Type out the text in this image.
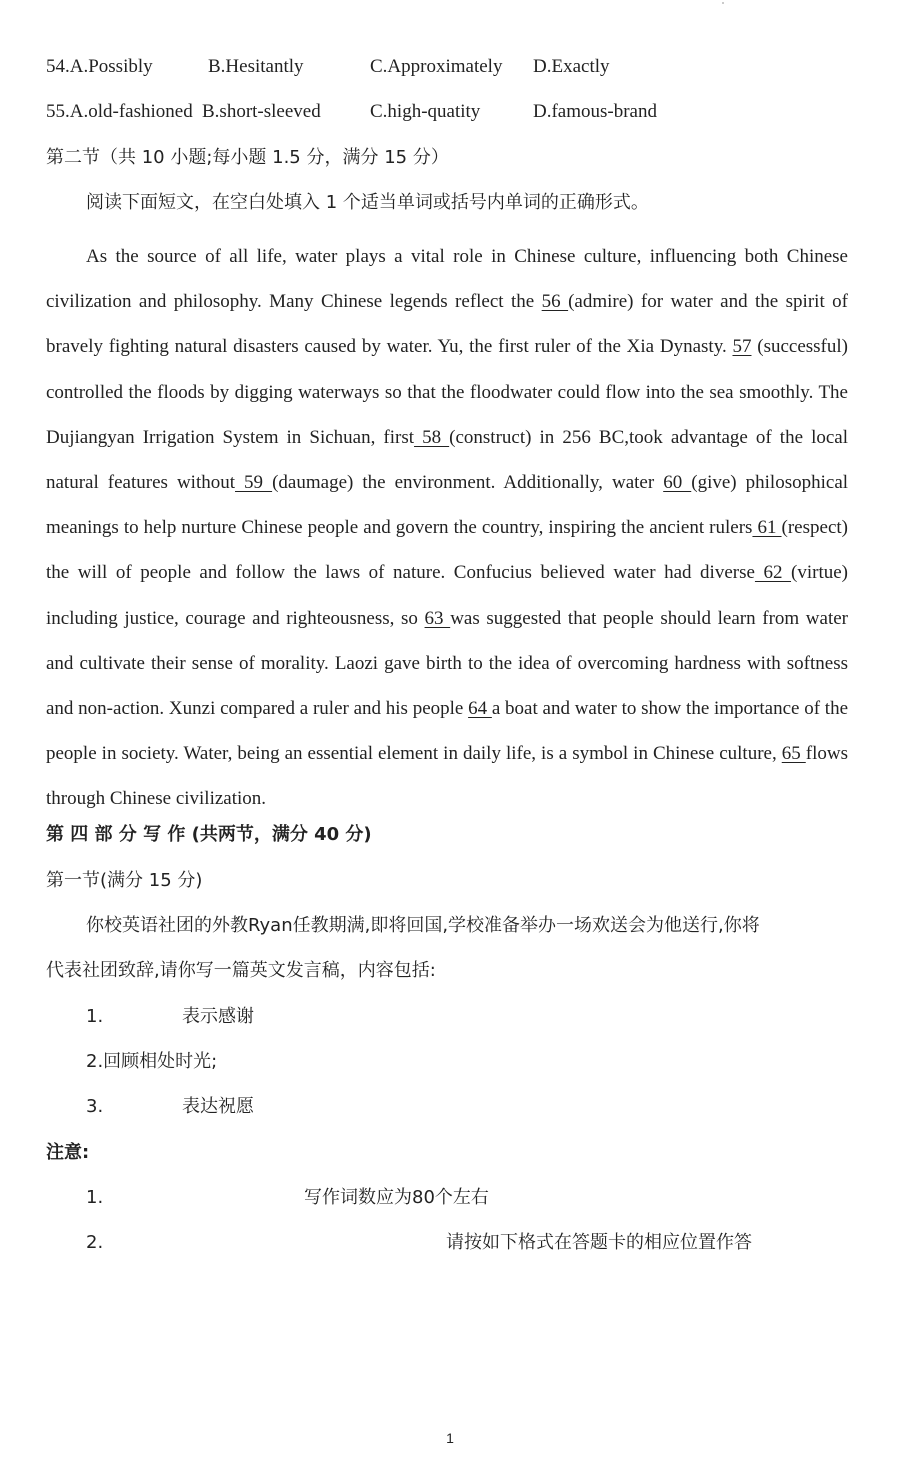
54.A.Possibly	B.Hesitantly	C.Approximately D.Exactly
55.A.old-fashioned B.short-sleeved	C.high-quatity	D.famous-brand
第二节（共 10 小题;每小题 1.5 分，满分 15 分）
阅读下面短文，在空白处填入 1 个适当单词或括号内单词的正确形式。
As the source of all life, water plays a vital role in Chinese culture, influencing both Chinese civilization and philosophy. Many Chinese legends reflect the 56 (admire) for water and the spirit of bravely fighting natural disasters caused by water. Yu, the first ruler of the Xia Dynasty. 57 (successful) controlled the floods by digging waterways so that the floodwater could flow into the sea smoothly. The Dujiangyan Irrigation System in Sichuan, first 58 (construct) in 256 BC,took advantage of the local natural features without 59 (daumage) the environment. Additionally, water 60 (give) philosophical meanings to help nurture Chinese people and govern the country, inspiring the ancient rulers 61 (respect) the will of people and follow the laws of nature. Confucius believed water had diverse 62 (virtue) including justice, courage and righteousness, so 63 was suggested that people should learn from water and cultivate their sense of morality. Laozi gave birth to the idea of overcoming hardness with softness and non-action. Xunzi compared a ruler and his people 64 a boat and water to show the importance of the people in society. Water, being an essential element in daily life, is a symbol in Chinese culture, 65 flows through Chinese civilization.
第 四 部 分 写 作 (共两节，满分 40 分)
第一节(满分 15 分)
你校英语社团的外教Ryan任教期满,即将回国,学校准备举办一场欢送会为他送行,你将
代表社团致辞,请你写一篇英文发言稿，内容包括:
1.	表示感谢
2.回顾相处时光;
3.	表达祝愿
注意:
1.	写作词数应为80个左右
2.	请按如下格式在答题卡的相应位置作答
1
